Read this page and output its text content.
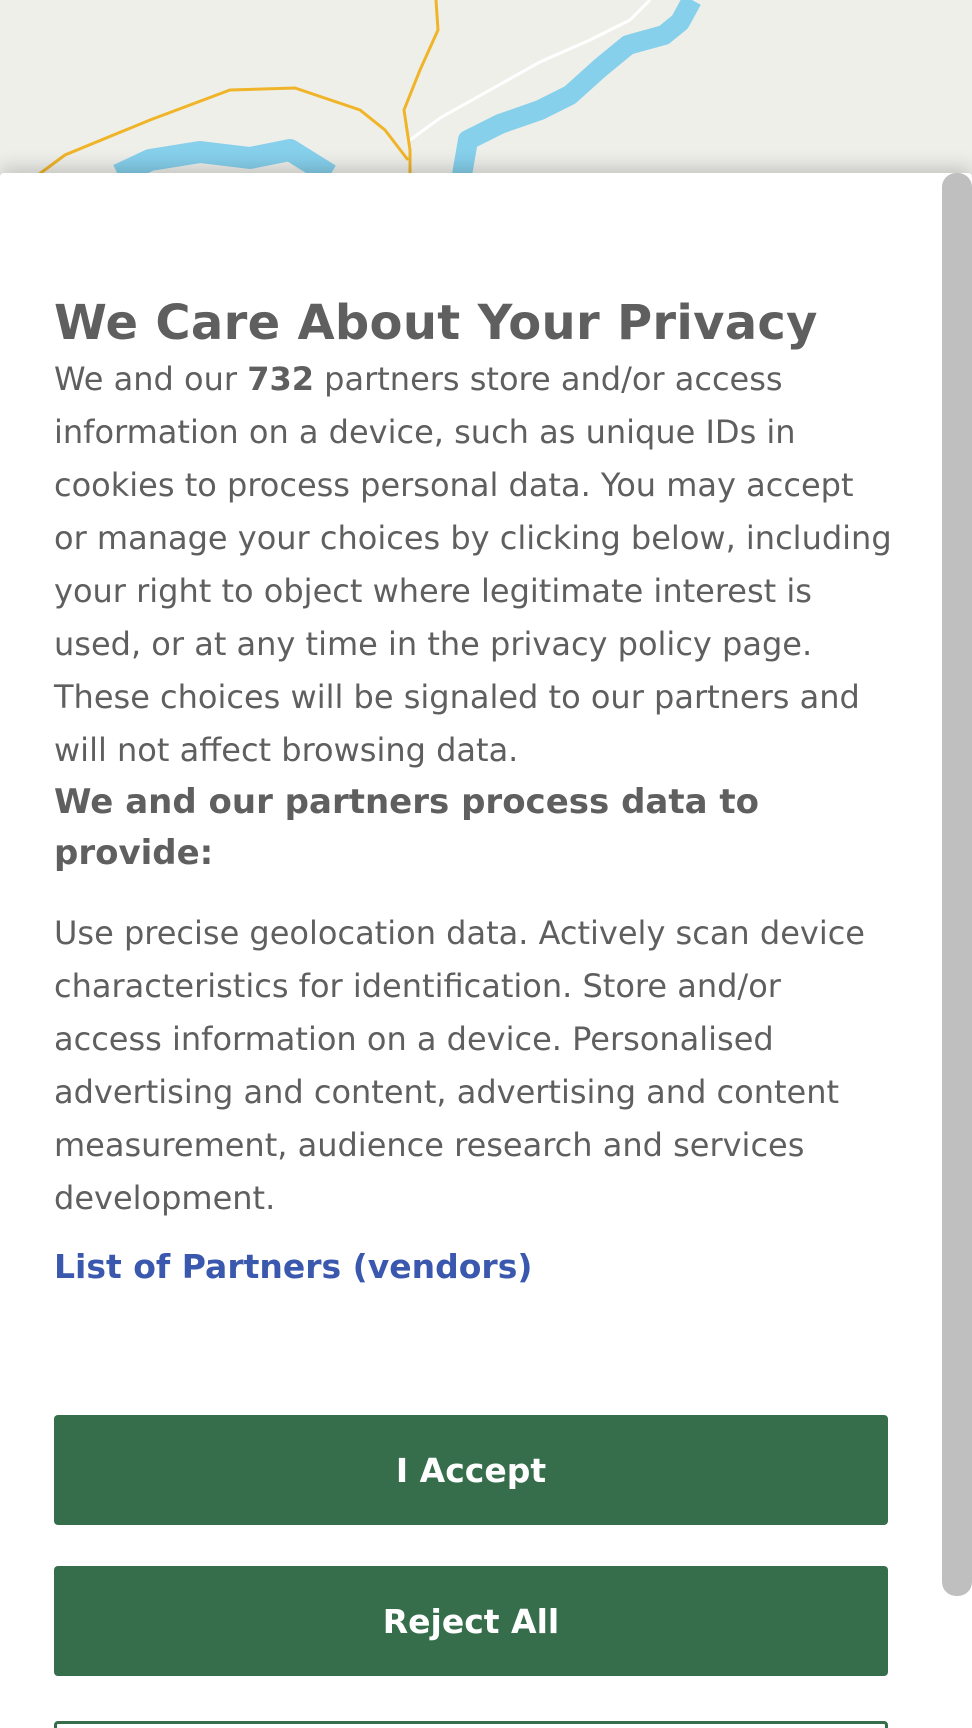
We Care About Your Privacy

We and our 732 partners store and/or access information on a device, such as unique IDs in cookies to process personal data. You may accept or manage your choices by clicking below, including your right to object where legitimate interest is used, or at any time in the privacy policy page. These choices will be signaled to our partners and will not affect browsing data.

We and our partners process data to provide:

Use precise geolocation data. Actively scan device characteristics for identification. Store and/or access information on a device. Personalised advertising and content, advertising and content measurement, audience research and services development.

List of Partners (vendors)
I Accept
Reject All
